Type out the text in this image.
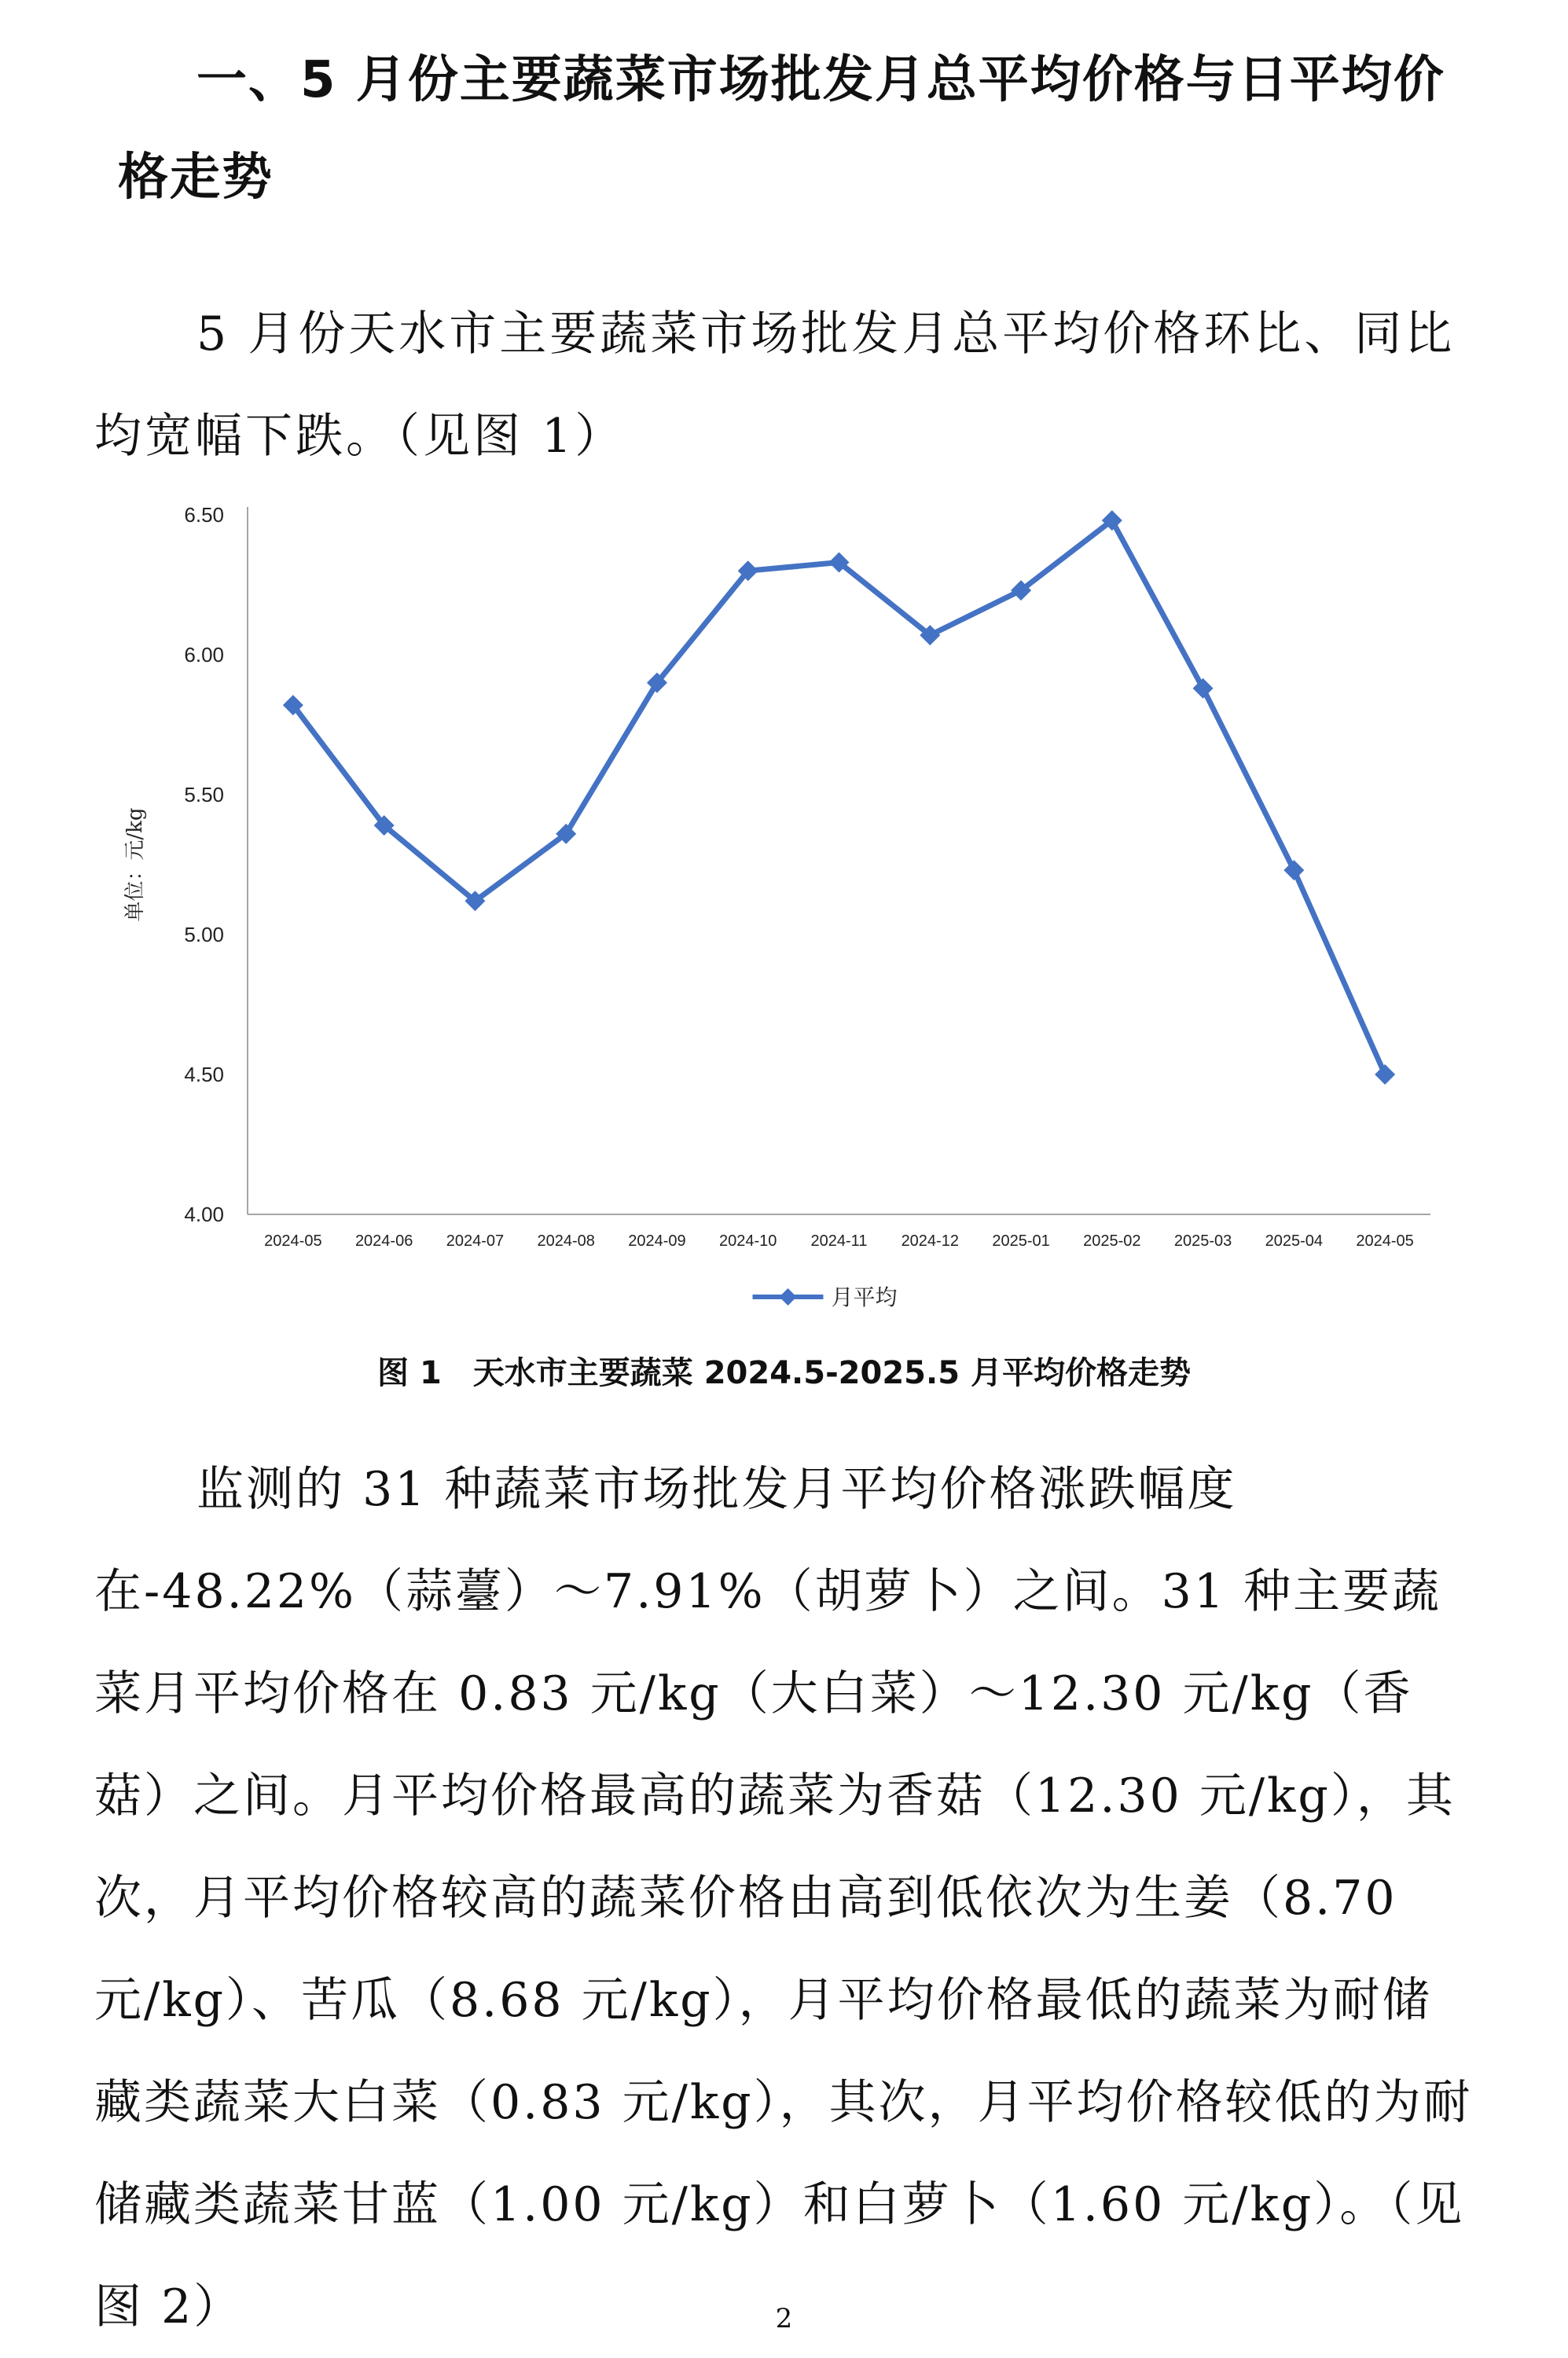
一、5 月份主要蔬菜市场批发月总平均价格与日平均价
格走势

5 月份天水市主要蔬菜市场批发月总平均价格环比、同比均宽幅下跌。（见图 1）

4.00
4.50
5.00
5.50
6.00
6.50
单位：元/kg
2024-05 2024-06 2024-07 2024-08 2024-09 2024-10 2024-11 2024-12 2025-01 2025-02 2025-03 2025-04 2024-05
月平均

图 1　天水市主要蔬菜 2024.5-2025.5 月平均价格走势

监测的 31 种蔬菜市场批发月平均价格涨跌幅度在-48.22%（蒜薹）～7.91%（胡萝卜）之间。31 种主要蔬菜月平均价格在 0.83 元/kg（大白菜）～12.30 元/kg（香菇）之间。月平均价格最高的蔬菜为香菇（12.30 元/kg），其次，月平均价格较高的蔬菜价格由高到低依次为生姜（8.70 元/kg）、苦瓜（8.68 元/kg），月平均价格最低的蔬菜为耐储藏类蔬菜大白菜（0.83 元/kg），其次，月平均价格较低的为耐储藏类蔬菜甘蓝（1.00 元/kg）和白萝卜（1.60 元/kg）。（见图 2）	2
